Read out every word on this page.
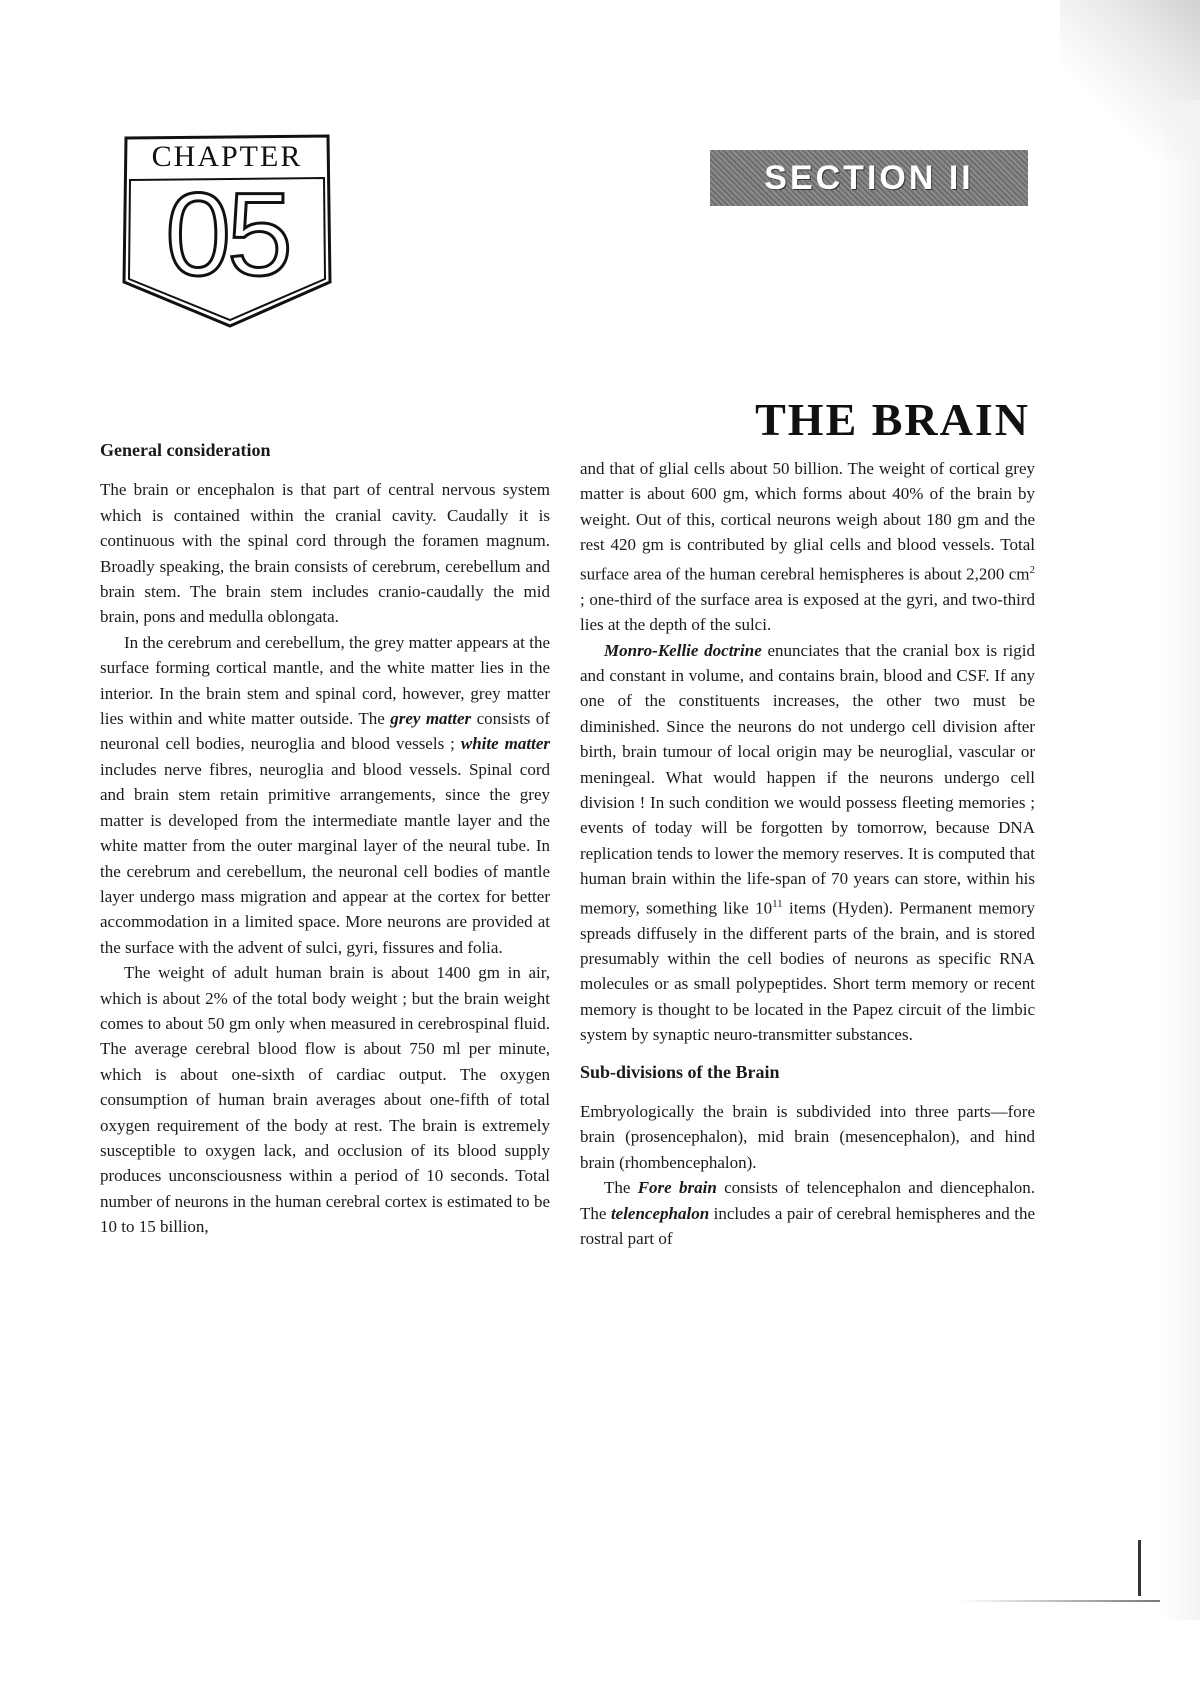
CHAPTER
05	SECTION II
THE BRAIN
General consideration

The brain or encephalon is that part of central nervous system which is contained within the cranial cavity. Caudally it is continuous with the spinal cord through the foramen magnum. Broadly speaking, the brain consists of cerebrum, cerebellum and brain stem. The brain stem includes cranio-caudally the mid brain, pons and medulla oblongata.

In the cerebrum and cerebellum, the grey matter appears at the surface forming cortical mantle, and the white matter lies in the interior. In the brain stem and spinal cord, however, grey matter lies within and white matter outside. The grey matter consists of neuronal cell bodies, neuroglia and blood vessels ; white matter includes nerve fibres, neuroglia and blood vessels. Spinal cord and brain stem retain primitive arrangements, since the grey matter is developed from the intermediate mantle layer and the white matter from the outer marginal layer of the neural tube. In the cerebrum and cerebellum, the neuronal cell bodies of mantle layer undergo mass migration and appear at the cortex for better accommodation in a limited space. More neurons are provided at the surface with the advent of sulci, gyri, fissures and folia.

The weight of adult human brain is about 1400 gm in air, which is about 2% of the total body weight ; but the brain weight comes to about 50 gm only when measured in cerebrospinal fluid. The average cerebral blood flow is about 750 ml per minute, which is about one-sixth of cardiac output. The oxygen consumption of human brain averages about one-fifth of total oxygen requirement of the body at rest. The brain is extremely susceptible to oxygen lack, and occlusion of its blood supply produces unconsciousness within a period of 10 seconds. Total number of neurons in the human cerebral cortex is estimated to be 10 to 15 billion,

and that of glial cells about 50 billion. The weight of cortical grey matter is about 600 gm, which forms about 40% of the brain by weight. Out of this, cortical neurons weigh about 180 gm and the rest 420 gm is contributed by glial cells and blood vessels. Total surface area of the human cerebral hemispheres is about 2,200 $cm^2$ ; one-third of the surface area is exposed at the gyri, and two-third lies at the depth of the sulci.

Monro-Kellie doctrine enunciates that the cranial box is rigid and constant in volume, and contains brain, blood and CSF. If any one of the constituents increases, the other two must be diminished. Since the neurons do not undergo cell division after birth, brain tumour of local origin may be neuroglial, vascular or meningeal. What would happen if the neurons undergo cell division ! In such condition we would possess fleeting memories ; events of today will be forgotten by tomorrow, because DNA replication tends to lower the memory reserves. It is computed that human brain within the life-span of 70 years can store, within his memory, something like $10^{11}$ items (Hyden). Permanent memory spreads diffusely in the different parts of the brain, and is stored presumably within the cell bodies of neurons as specific RNA molecules or as small polypeptides. Short term memory or recent memory is thought to be located in the Papez circuit of the limbic system by synaptic neuro-transmitter substances.

Sub-divisions of the Brain

Embryologically the brain is subdivided into three parts—fore brain (prosencephalon), mid brain (mesencephalon), and hind brain (rhombencephalon).

The Fore brain consists of telencephalon and diencephalon. The telencephalon includes a pair of cerebral hemispheres and the rostral part of
